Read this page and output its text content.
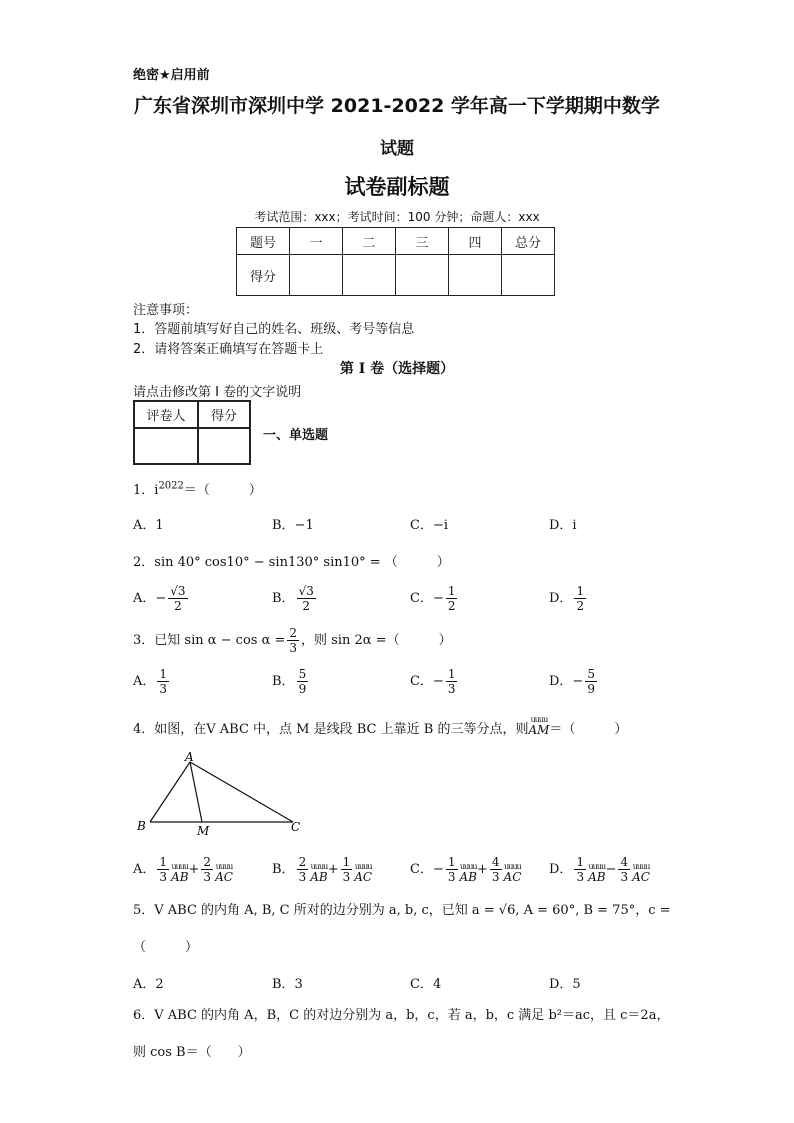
绝密★启用前
广东省深圳市深圳中学 2021-2022 学年高一下学期期中数学
试题
试卷副标题
考试范围：xxx；考试时间：100 分钟；命题人：xxx
题号	一	二	三	四	总分
得分					
注意事项：
1．答题前填写好自己的姓名、班级、考号等信息
2．请将答案正确填写在答题卡上
第 I 卷（选择题）
请点击修改第 I 卷的文字说明
评卷人	得分

一、单选题
1．$i^{2022}=$（　　　）
A．1	B．−1	C．−i	D．i
2．sin 40° cos10° − sin130° sin10° = （　　　）
A．− $\frac{√3}{2}$	B． $\frac{√3}{2}$	C．− $\frac{1}{2}$	D． $\frac{1}{2}$
3．已知 $\sin \alpha - \cos \alpha = \frac{2}{3}$ ，则 sin 2α =（　　　）
A． $\frac{1}{3}$	B． $\frac{5}{9}$	C．− $\frac{1}{3}$	D．− $\frac{5}{9}$
4．如图，在V ABC 中，点 M 是线段 BC 上靠近 B 的三等分点，则
uuuu
AM ＝（　　　）
A
B	M	C
A． $\frac{1}{3}$ uuuu
AB + $\frac{2}{3}$ uuuu
AC	B． $\frac{2}{3}$ uuuu
AB + $\frac{1}{3}$ uuuu
AC	C．− $\frac{1}{3}$ uuuu
AB + $\frac{4}{3}$ uuuu
AC D． $\frac{1}{3}$ uuuu
AB − $\frac{4}{3}$ uuuu
AC
5．V ABC 的内角 A, B, C 所对的边分别为 a, b, c，已知 a = √6, A = 60°, B = 75°，c =
（　　　）
A．2	B．3	C．4	D．5
6．V ABC 的内角 A，B，C 的对边分别为 a，b，c，若 a，b，c 满足 b²＝ac，且 c＝2a，
则 cos B＝（　　）
